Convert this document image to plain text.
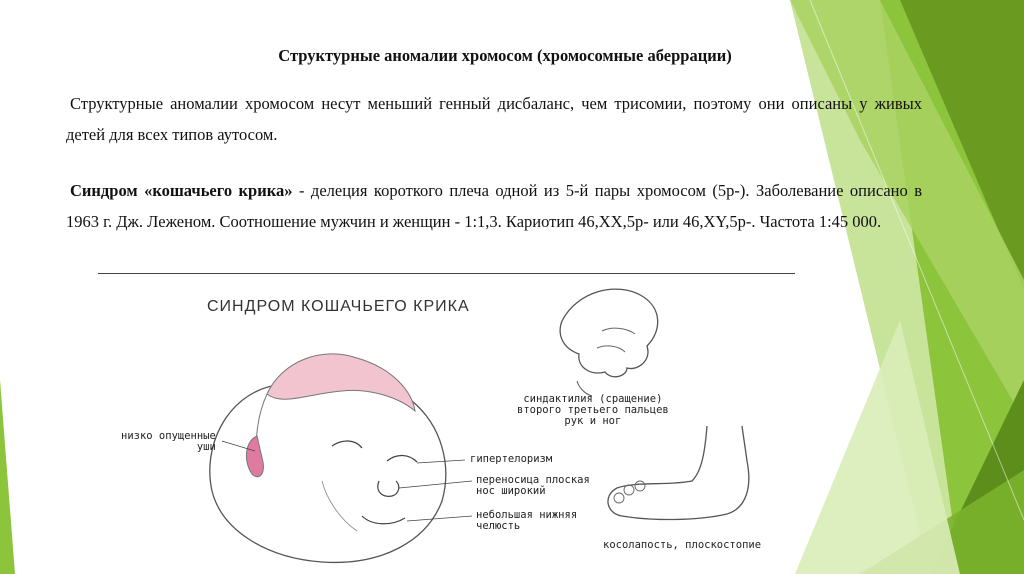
Структурные аномалии хромосом (хромосомные аберрации)
Структурные аномалии хромосом несут меньший генный дисбаланс, чем трисомии, поэтому они описаны у живых детей для всех типов аутосом.
Синдром «кошачьего крика» - делеция короткого плеча одной из 5-й пары хромосом (5р-). Заболевание описано в 1963 г. Дж. Леженом. Соотношение мужчин и женщин - 1:1,3. Кариотип 46,XX,5p- или 46,XY,5p-. Частота 1:45 000.
СИНДРОМ КОШАЧЬЕГО КРИКА
синдактилия (сращение)
второго третьего пальцев
рук и ног
низко опущенные
уши
гипертелоризм
переносица плоская
нос широкий
небольшая нижняя
челюсть
косолапость, плоскостопие
